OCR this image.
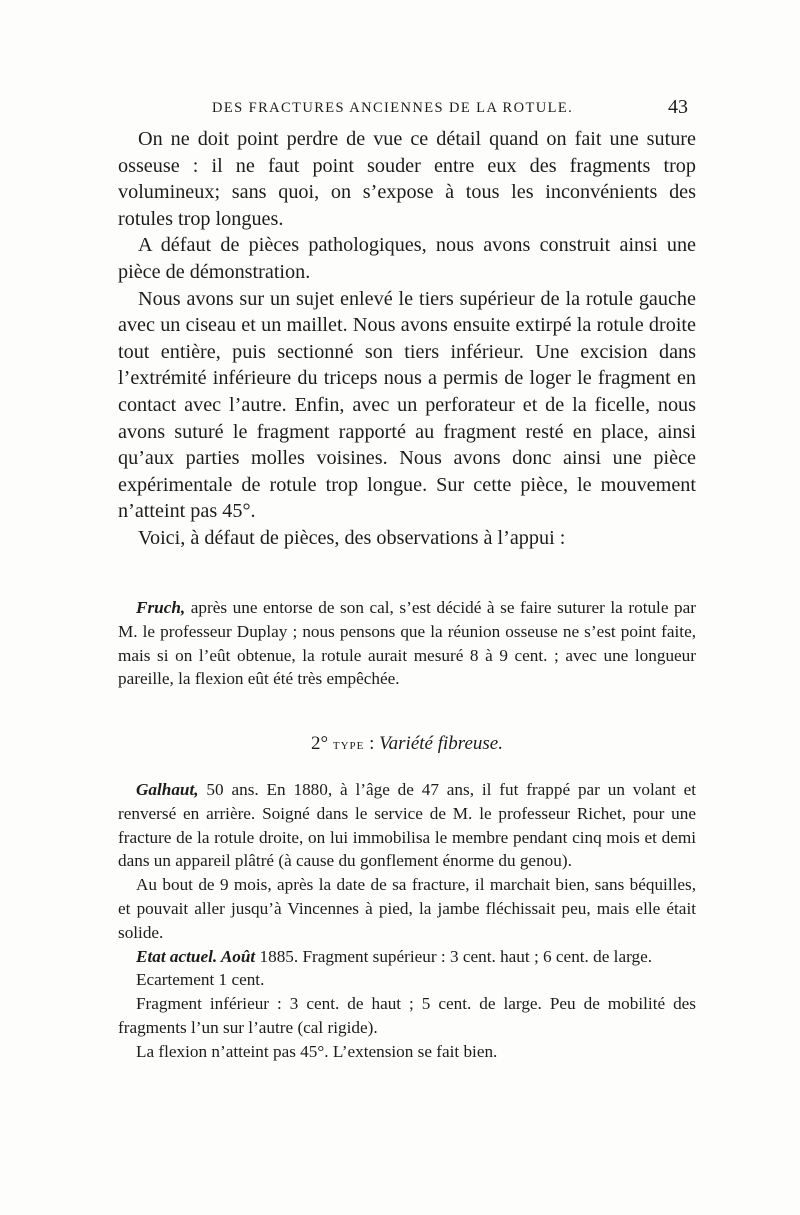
DES FRACTURES ANCIENNES DE LA ROTULE.	43

On ne doit point perdre de vue ce détail quand on fait une suture osseuse : il ne faut point souder entre eux des fragments trop volumineux; sans quoi, on s’expose à tous les inconvénients des rotules trop longues.

A défaut de pièces pathologiques, nous avons construit ainsi une pièce de démonstration.

Nous avons sur un sujet enlevé le tiers supérieur de la rotule gauche avec un ciseau et un maillet. Nous avons ensuite extirpé la rotule droite tout entière, puis sectionné son tiers inférieur. Une excision dans l’extrémité inférieure du triceps nous a permis de loger le fragment en contact avec l’autre. Enfin, avec un perforateur et de la ficelle, nous avons suturé le fragment rapporté au fragment resté en place, ainsi qu’aux parties molles voisines. Nous avons donc ainsi une pièce expérimentale de rotule trop longue. Sur cette pièce, le mouvement n’atteint pas 45°.

Voici, à défaut de pièces, des observations à l’appui :

Fruch, après une entorse de son cal, s’est décidé à se faire suturer la rotule par M. le professeur Duplay ; nous pensons que la réunion osseuse ne s’est point faite, mais si on l’eût obtenue, la rotule aurait mesuré 8 à 9 cent. ; avec une longueur pareille, la flexion eût été très empêchée.

2° type : Variété fibreuse.

Galhaut, 50 ans. En 1880, à l’âge de 47 ans, il fut frappé par un volant et renversé en arrière. Soigné dans le service de M. le professeur Richet, pour une fracture de la rotule droite, on lui immobilisa le membre pendant cinq mois et demi dans un appareil plâtré (à cause du gonflement énorme du genou).

Au bout de 9 mois, après la date de sa fracture, il marchait bien, sans béquilles, et pouvait aller jusqu’à Vincennes à pied, la jambe fléchissait peu, mais elle était solide.

Etat actuel. Août 1885. Fragment supérieur : 3 cent. haut ; 6 cent. de large.

Ecartement 1 cent.

Fragment inférieur : 3 cent. de haut ; 5 cent. de large. Peu de mobilité des fragments l’un sur l’autre (cal rigide).

La flexion n’atteint pas 45°. L’extension se fait bien.
